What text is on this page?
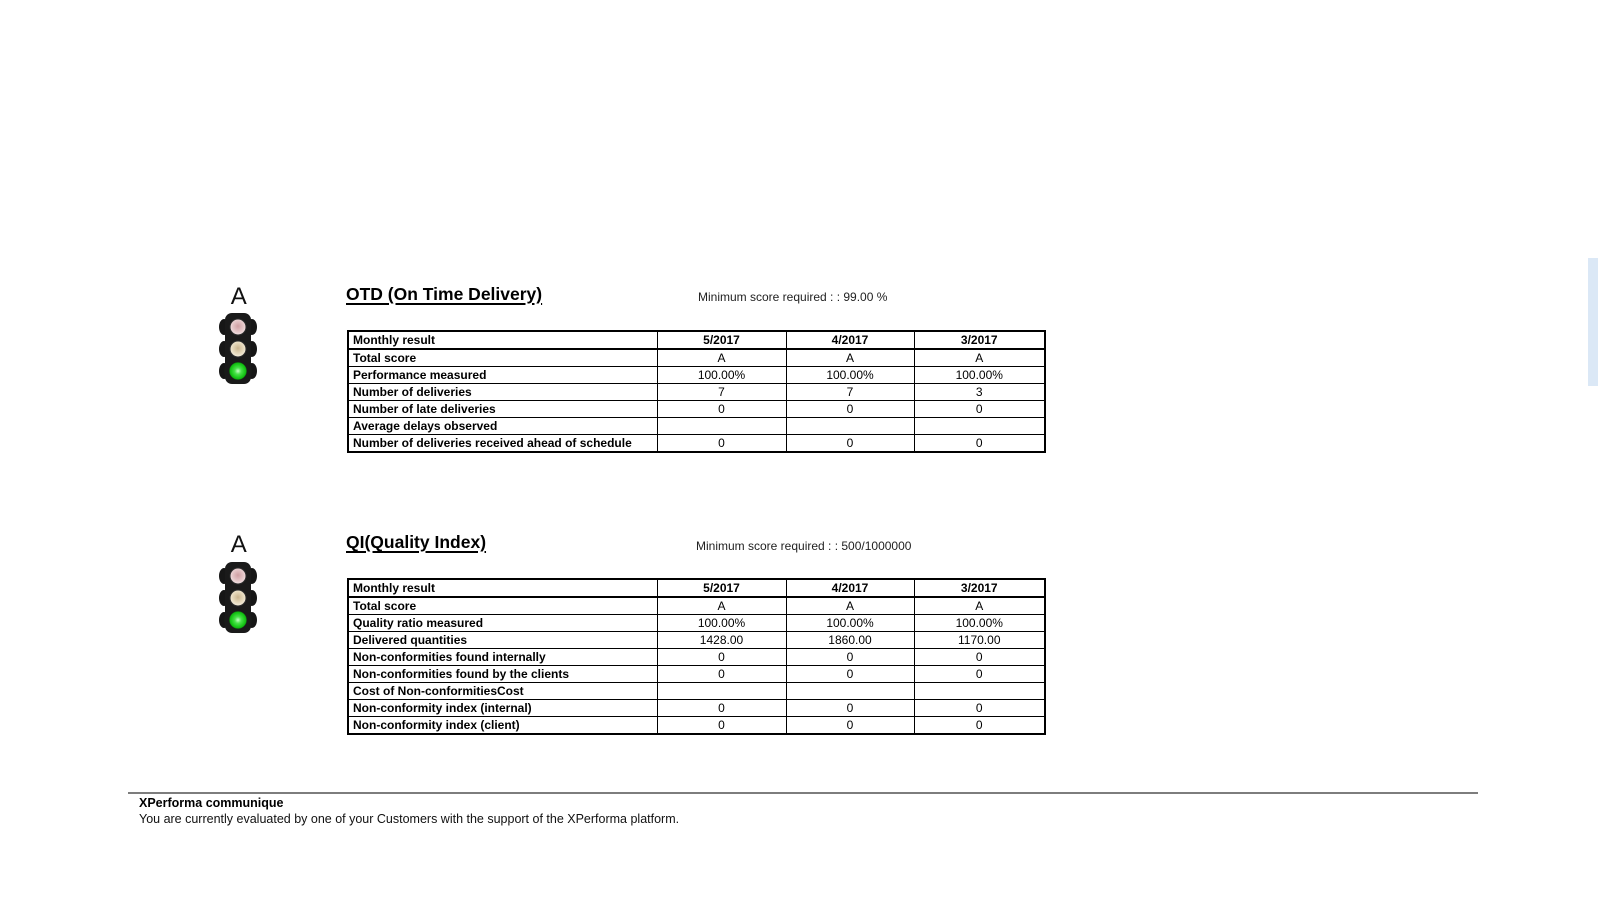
A	OTD (On Time Delivery)	Minimum score required : : 99.00 %
Monthly result	5/2017	4/2017	3/2017
Total score	A	A	A
Performance measured	100.00%	100.00%	100.00%
Number of deliveries	7	7	3
Number of late deliveries	0	0	0
Average delays observed			
Number of deliveries received ahead of schedule	0	0	0
A	QI(Quality Index)	Minimum score required : : 500/1000000
Monthly result	5/2017	4/2017	3/2017
Total score	A	A	A
Quality ratio measured	100.00%	100.00%	100.00%
Delivered quantities	1428.00	1860.00	1170.00
Non-conformities found internally	0	0	0
Non-conformities found by the clients	0	0	0
Cost of Non-conformitiesCost			
Non-conformity index (internal)	0	0	0
Non-conformity index (client)	0	0	0
XPerforma communique
You are currently evaluated by one of your Customers with the support of the XPerforma platform.
